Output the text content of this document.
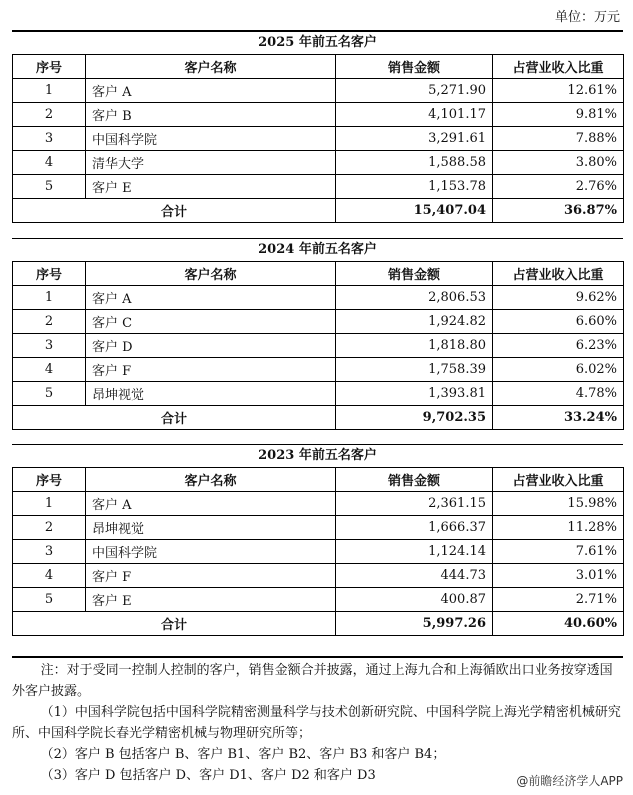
单位：万元
2025 年前五名客户
序号	客户名称	销售金额	占营业收入比重
1	客户 A	5,271.90	12.61%
2	客户 B	4,101.17	9.81%
3	中国科学院	3,291.61	7.88%
4	清华大学	1,588.58	3.80%
5	客户 E	1,153.78	2.76%
合计		15,407.04	36.87%
2024 年前五名客户
序号	客户名称	销售金额	占营业收入比重
1	客户 A	2,806.53	9.62%
2	客户 C	1,924.82	6.60%
3	客户 D	1,818.80	6.23%
4	客户 F	1,758.39	6.02%
5	昂坤视觉	1,393.81	4.78%
合计		9,702.35	33.24%
2023 年前五名客户
序号	客户名称	销售金额	占营业收入比重
1	客户 A	2,361.15	15.98%
2	昂坤视觉	1,666.37	11.28%
3	中国科学院	1,124.14	7.61%
4	客户 F	444.73	3.01%
5	客户 E	400.87	2.71%
合计		5,997.26	40.60%

注：对于受同一控制人控制的客户，销售金额合并披露，通过上海九合和上海循欧出口业务按穿透国外客户披露。

（1）中国科学院包括中国科学院精密测量科学与技术创新研究院、中国科学院上海光学精密机械研究所、中国科学院长春光学精密机械与物理研究所等；

（2）客户 B 包括客户 B、客户 B1、客户 B2、客户 B3 和客户 B4；

（3）客户 D 包括客户 D、客户 D1、客户 D2 和客户 D3	@前瞻经济学人APP
